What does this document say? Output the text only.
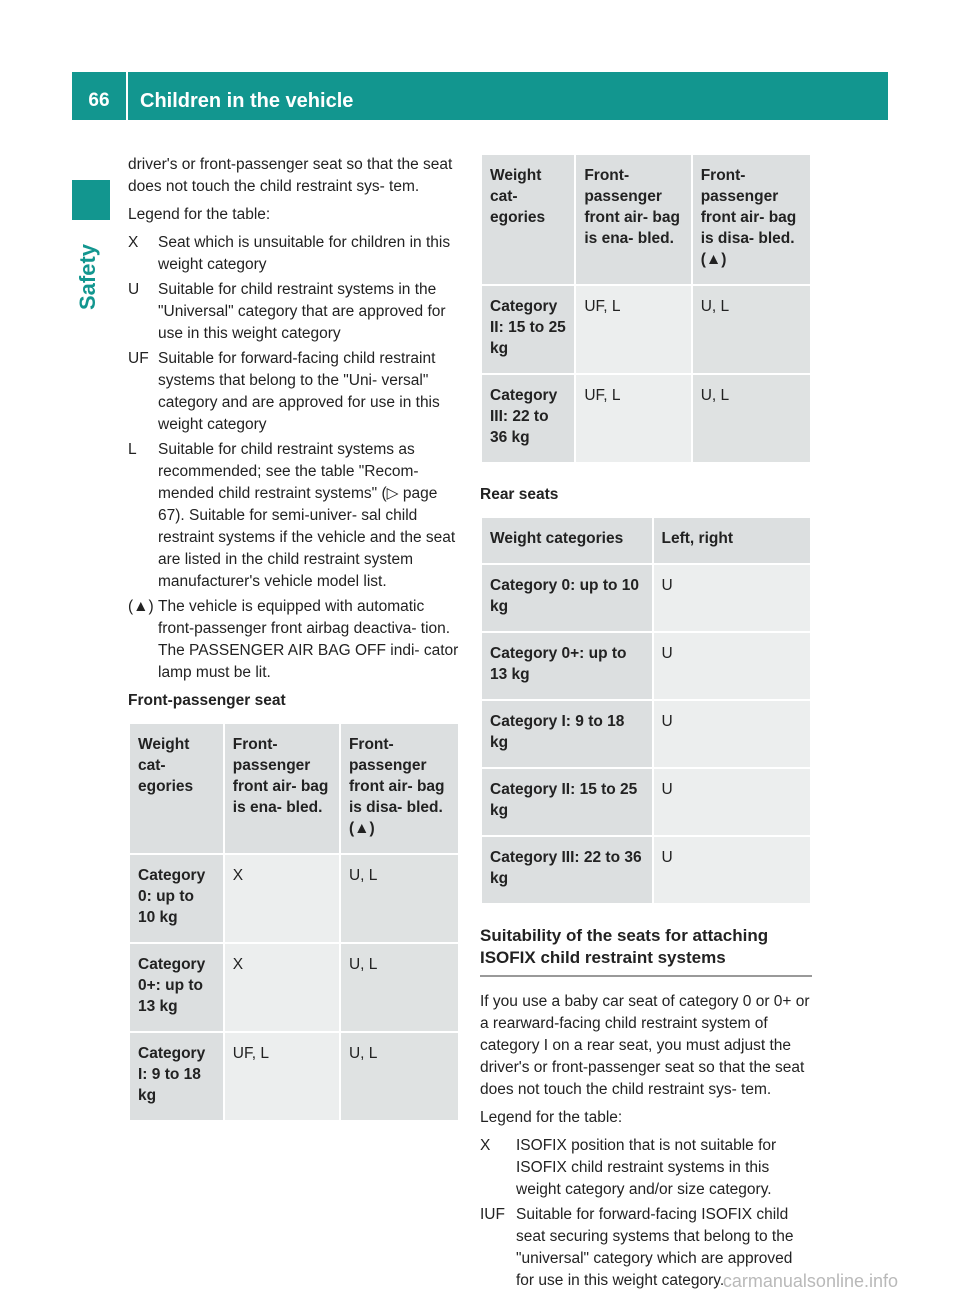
66	Children in the vehicle
Safety

driver's or front-passenger seat so that the seat does not touch the child restraint sys- tem.

Legend for the table:

X	Seat which is unsuitable for children in this weight category
U	Suitable for child restraint systems in the "Universal" category that are approved for use in this weight category
UF Suitable for forward-facing child restraint systems that belong to the "Uni- versal" category and are approved for use in this weight category
L	Suitable for child restraint systems as recommended; see the table "Recom- mended child restraint systems" (▷ page 67). Suitable for semi-univer- sal child restraint systems if the vehicle and the seat are listed in the child restraint system manufacturer's vehicle model list.
(▲) The vehicle is equipped with automatic front-passenger front airbag deactiva- tion. The PASSENGER AIR BAG OFF indi- cator lamp must be lit.
Front-passenger seat
Weight cat- egories	Front- passenger front air- bag is ena- bled.	Front- passenger front air- bag is disa- bled. (▲)
Category 0: up to 10 kg	X	U, L
Category 0+: up to 13 kg	X	U, L
Category I: 9 to 18 kg	UF, L	U, L
Weight cat- egories	Front- passenger front air- bag is ena- bled.	Front- passenger front air- bag is disa- bled. (▲)
Category II: 15 to 25 kg	UF, L	U, L
Category III: 22 to 36 kg	UF, L	U, L
Rear seats
Weight categories	Left, right
Category 0: up to 10 kg	U
Category 0+: up to 13 kg	U
Category I: 9 to 18 kg	U
Category II: 15 to 25 kg	U
Category III: 22 to 36 kg	U
Suitability of the seats for attaching ISOFIX child restraint systems

If you use a baby car seat of category 0 or 0+ or a rearward-facing child restraint system of category I on a rear seat, you must adjust the driver's or front-passenger seat so that the seat does not touch the child restraint sys- tem.

Legend for the table:

X	ISOFIX position that is not suitable for ISOFIX child restraint systems in this weight category and/or size category.
IUF Suitable for forward-facing ISOFIX child seat securing systems that belong to the "universal" category which are approved for use in this weight category.
carmanualsonline.info
